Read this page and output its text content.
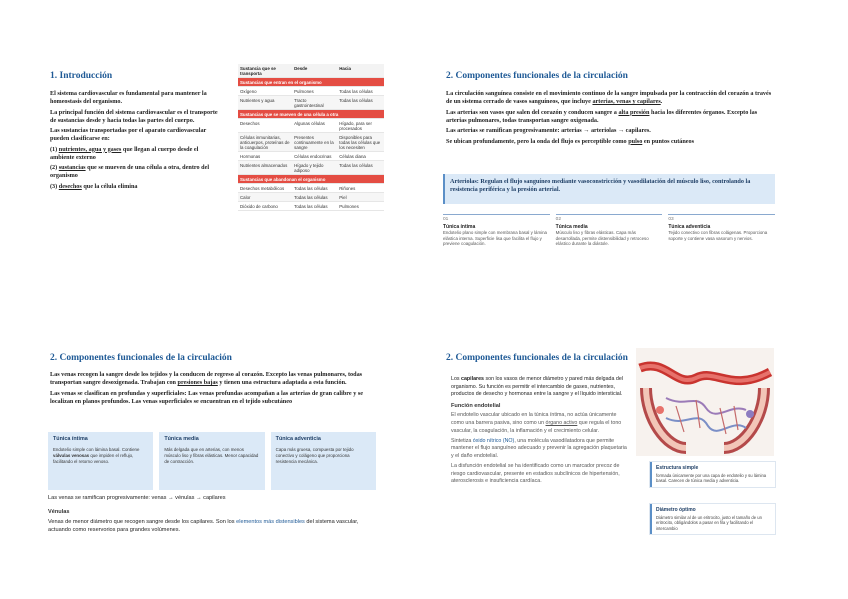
1. Introducción

El sistema cardiovascular es fundamental para mantener la homeostasis del organismo.

La principal función del sistema cardiovascular es el transporte de sustancias desde y hacia todas las partes del cuerpo.

Las sustancias transportadas por el aparato cardiovascular pueden clasificarse en:

(1) nutrientes, agua y gases que llegan al cuerpo desde el ambiente externo

(2) sustancias que se mueven de una célula a otra, dentro del organismo

(3) desechos que la célula elimina

Sustancia que se transporta	Desde	Hacia
Sustancias que entran en el organismo		
Oxígeno	Pulmones	Todas las células
Nutrientes y agua	Tracto gastrointestinal	Todas las células
Sustancias que se mueven de una célula a otra		
Desechos	Algunas células	Hígado, para ser procesados
Células inmunitarias, anticuerpos, proteínas de la coagulación	Presentes continuamente en la sangre	Disponibles para todas las células que los necesiten
Hormonas	Células endocrinas	Células diana
Nutrientes almacenados	Hígado y tejido adiposo	Todas las células
Sustancias que abandonan el organismo		
Desechos metabólicos	Todas las células	Riñones
Calor	Todas las células	Piel
Dióxido de carbono	Todas las células	Pulmones
2. Componentes funcionales de la circulación

La circulación sanguínea consiste en el movimiento continuo de la sangre impulsada por la contracción del corazón a través de un sistema cerrado de vasos sanguíneos, que incluye arterias, venas y capilares.

Las arterias son vasos que salen del corazón y conducen sangre a alta presión hacia los diferentes órganos. Excepto las arterias pulmonares, todas transportan sangre oxigenada.

Las arterias se ramifican progresivamente: arterias → arteriolas → capilares.

Se ubican profundamente, pero la onda del flujo es perceptible como pulso en puntos cutáneos

Arteriolas: Regulan el flujo sanguíneo mediante vasoconstricción y vasodilatación del músculo liso, controlando la resistencia periférica y la presión arterial.
01
Túnica íntima
Endotelio plano simple con membrana basal y lámina elástica interna. Superficie lisa que facilita el flujo y previene coagulación.
02
Túnica media
Músculo liso y fibras elásticas. Capa más desarrollada, permite distensibilidad y retroceso elástico durante la diástole.
03
Túnica adventicia
Tejido conectivo con fibras colágenas. Proporciona soporte y contiene vasa vasorum y nervios.
2. Componentes funcionales de la circulación

Las venas recogen la sangre desde los tejidos y la conducen de regreso al corazón. Excepto las venas pulmonares, todas transportan sangre desoxigenada. Trabajan con presiones bajas y tienen una estructura adaptada a esta función.

Las venas se clasifican en profundas y superficiales: Las venas profundas acompañan a las arterias de gran calibre y se localizan en planos profundos. Las venas superficiales se encuentran en el tejido subcutáneo

Túnica íntima
Endotelio simple con lámina basal. Contiene válvulas venosas que impiden el reflujo, facilitando el retorno venoso.
Túnica media
Más delgada que en arterias, con menos músculo liso y fibras elásticas. Menor capacidad de contracción.
Túnica adventicia
Capa más gruesa, compuesta por tejido conectivo y colágeno que proporciona resistencia mecánica.

Las venas se ramifican progresivamente: venas → vénulas → capilares

Vénulas

Venas de menor diámetro que recogen sangre desde los capilares. Son los elementos más distensibles del sistema vascular, actuando como reservorios para grandes volúmenes.

2. Componentes funcionales de la circulación

Los capilares son los vasos de menor diámetro y pared más delgada del organismo. Su función es permitir el intercambio de gases, nutrientes, productos de desecho y hormonas entre la sangre y el líquido intersticial.

Función endotelial

El endotelio vascular ubicado en la túnica íntima, no actúa únicamente como una barrera pasiva, sino como un órgano activo que regula el tono vascular, la coagulación, la inflamación y el crecimiento celular.

Sintetiza óxido nítrico (NO), una molécula vasodilatadora que permite mantener el flujo sanguíneo adecuado y prevenir la agregación plaquetaria y el daño endotelial.

La disfunción endotelial se ha identificado como un marcador precoz de riesgo cardiovascular, presente en estadios subclínicos de hipertensión, aterosclerosis e insuficiencia cardíaca.

Estructura simple
formada únicamente por una capa de endotelio y su lámina basal. Carecen de túnica media y adventicia.
Diámetro óptimo
Diámetro similar al de un eritrocito, justo el tamaño de un eritrocito, obligándolos a pasar en fila y facilitando el intercambio
